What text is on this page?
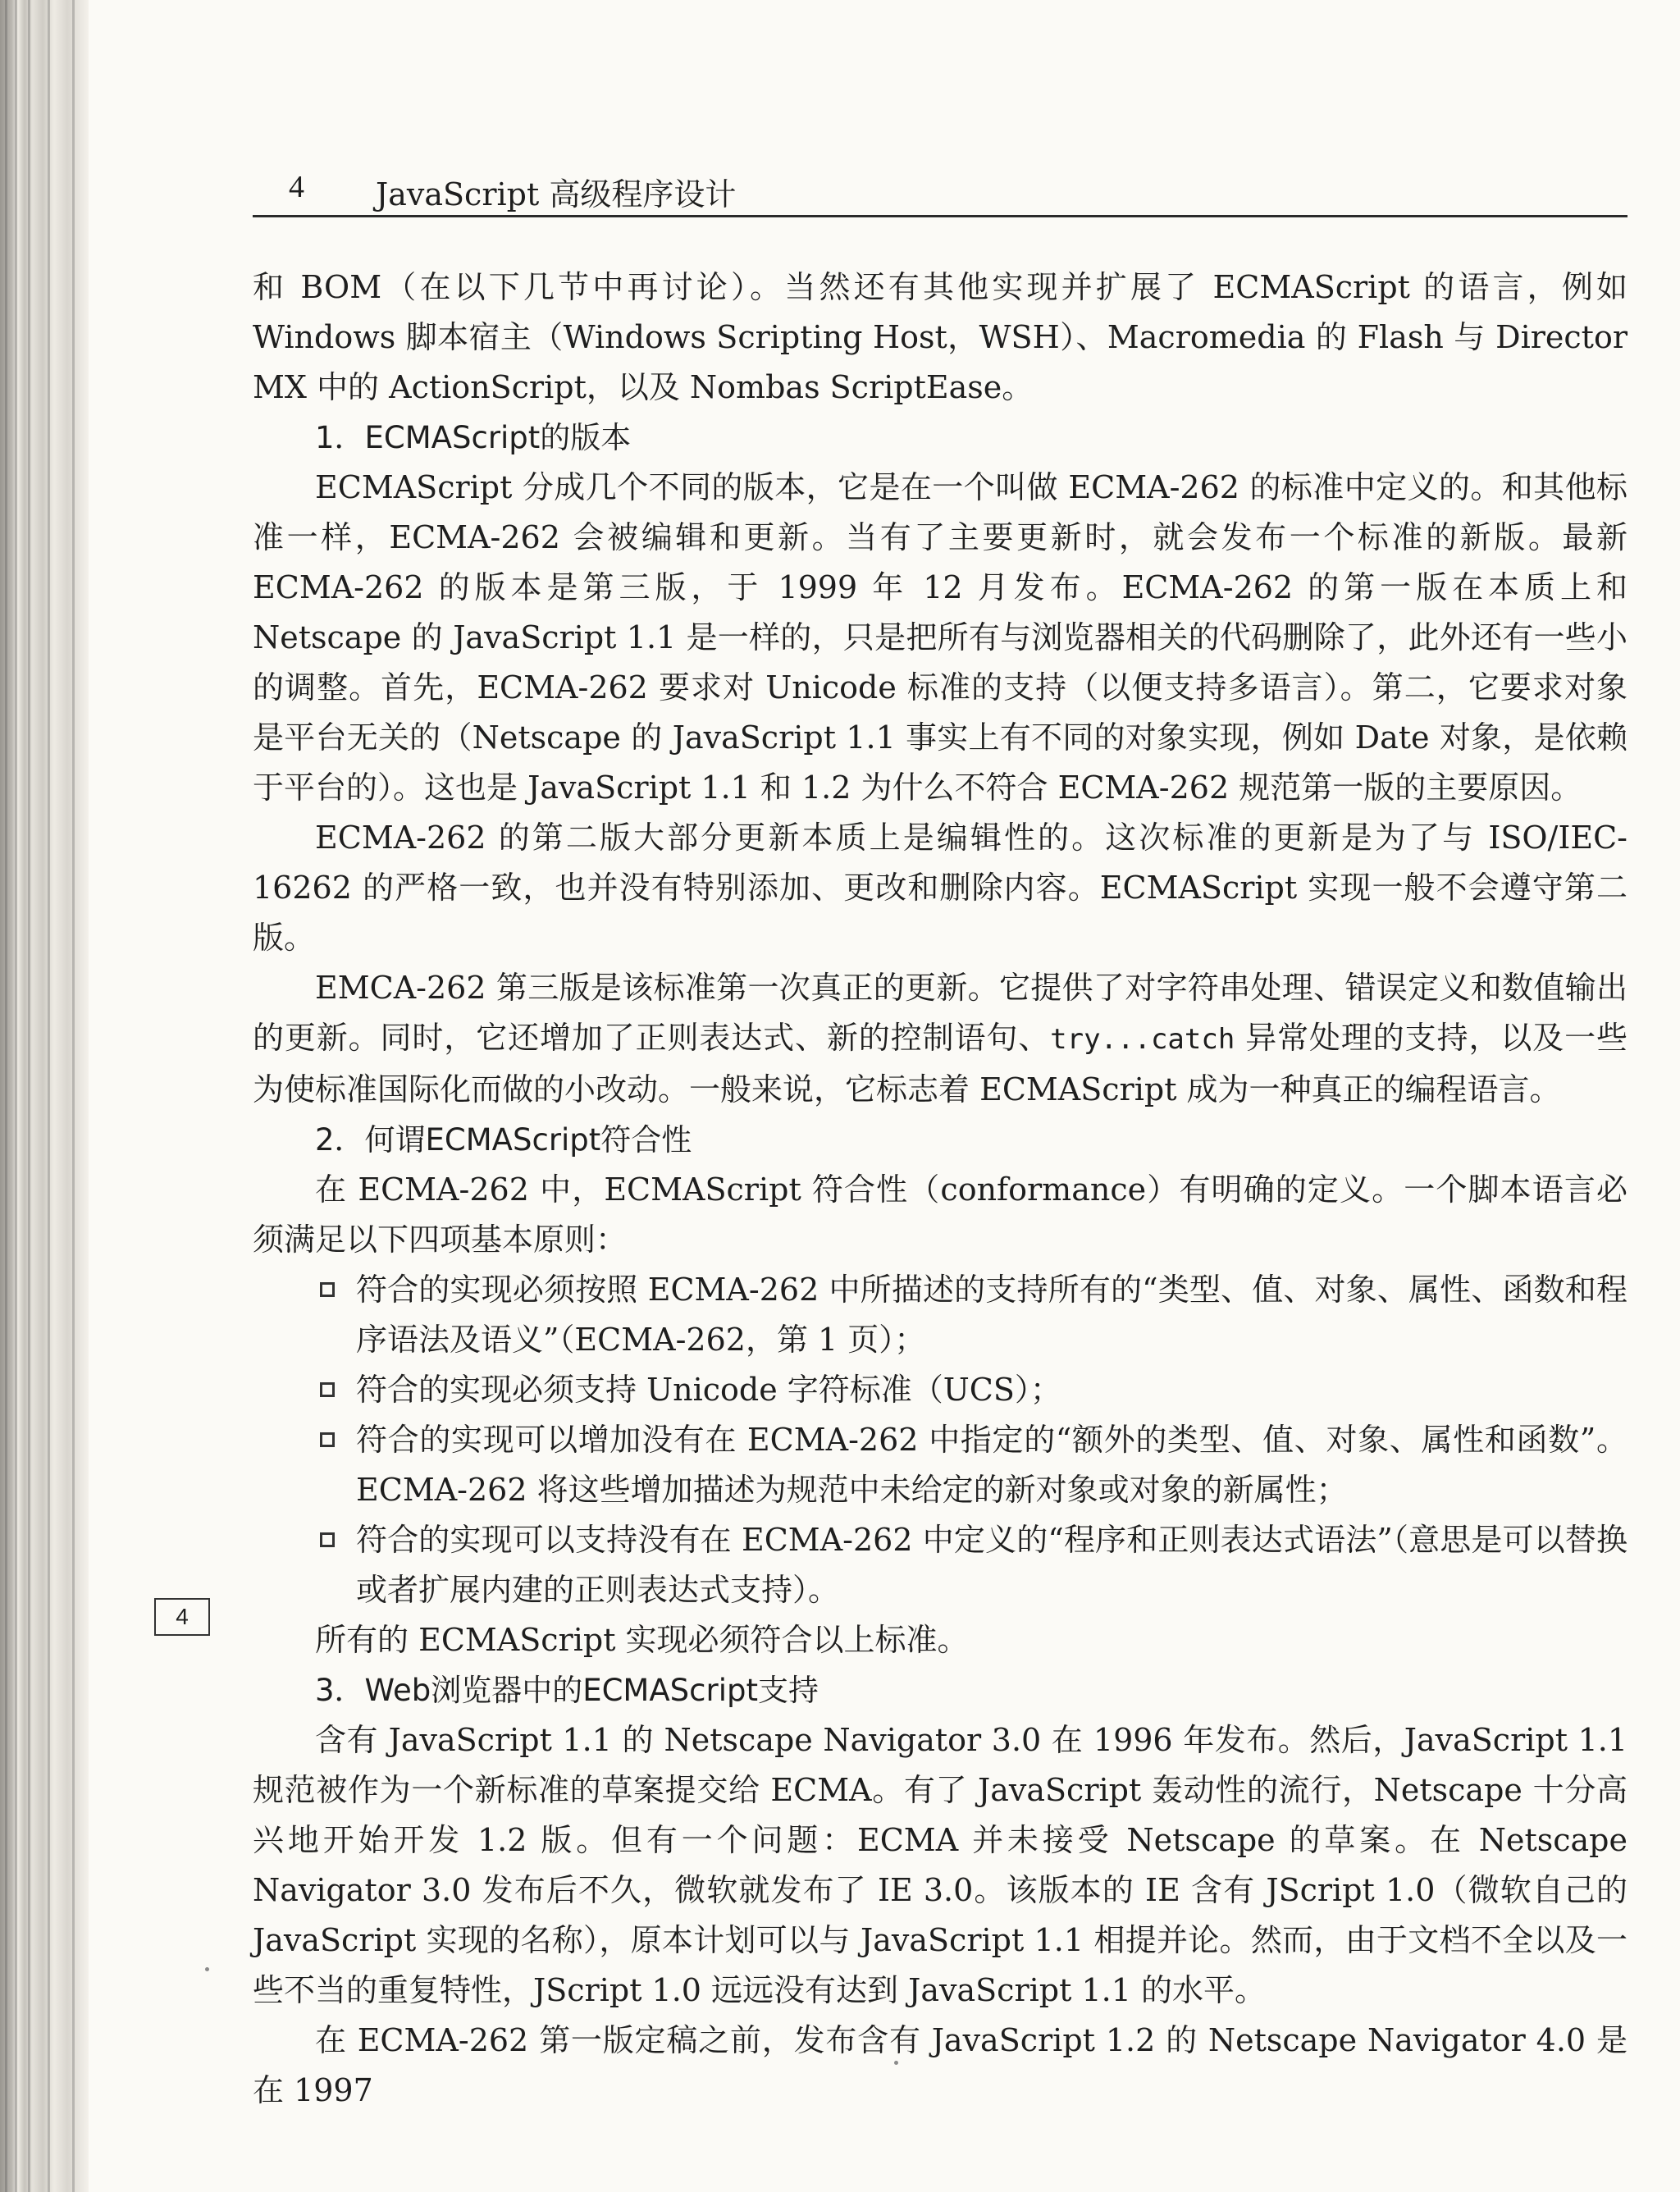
4 JavaScript 高级程序设计

和 BOM（在以下几节中再讨论）。当然还有其他实现并扩展了 ECMAScript 的语言，例如 Windows 脚本宿主（Windows Scripting Host，WSH）、Macromedia 的 Flash 与 Director MX 中的 ActionScript，以及 Nombas ScriptEase。

1．ECMAScript的版本

ECMAScript 分成几个不同的版本，它是在一个叫做 ECMA-262 的标准中定义的。和其他标准一样，ECMA-262 会被编辑和更新。当有了主要更新时，就会发布一个标准的新版。最新 ECMA-262 的版本是第三版，于 1999 年 12 月发布。ECMA-262 的第一版在本质上和 Netscape 的 JavaScript 1.1 是一样的，只是把所有与浏览器相关的代码删除了，此外还有一些小的调整。首先，ECMA-262 要求对 Unicode 标准的支持（以便支持多语言）。第二，它要求对象是平台无关的（Netscape 的 JavaScript 1.1 事实上有不同的对象实现，例如 Date 对象，是依赖于平台的）。这也是 JavaScript 1.1 和 1.2 为什么不符合 ECMA-262 规范第一版的主要原因。

ECMA-262 的第二版大部分更新本质上是编辑性的。这次标准的更新是为了与 ISO/IEC-16262 的严格一致，也并没有特别添加、更改和删除内容。ECMAScript 实现一般不会遵守第二版。

EMCA-262 第三版是该标准第一次真正的更新。它提供了对字符串处理、错误定义和数值输出的更新。同时，它还增加了正则表达式、新的控制语句、try...catch 异常处理的支持，以及一些为使标准国际化而做的小改动。一般来说，它标志着 ECMAScript 成为一种真正的编程语言。

2．何谓ECMAScript符合性

在 ECMA-262 中，ECMAScript 符合性（conformance）有明确的定义。一个脚本语言必须满足以下四项基本原则：

符合的实现必须按照 ECMA-262 中所描述的支持所有的“类型、值、对象、属性、函数和程序语法及语义”（ECMA-262，第 1 页）；
符合的实现必须支持 Unicode 字符标准（UCS）；
符合的实现可以增加没有在 ECMA-262 中指定的“额外的类型、值、对象、属性和函数”。ECMA-262 将这些增加描述为规范中未给定的新对象或对象的新属性；
符合的实现可以支持没有在 ECMA-262 中定义的“程序和正则表达式语法”（意思是可以替换或者扩展内建的正则表达式支持）。

所有的 ECMAScript 实现必须符合以上标准。

3．Web浏览器中的ECMAScript支持

含有 JavaScript 1.1 的 Netscape Navigator 3.0 在 1996 年发布。然后，JavaScript 1.1 规范被作为一个新标准的草案提交给 ECMA。有了 JavaScript 轰动性的流行，Netscape 十分高兴地开始开发 1.2 版。但有一个问题：ECMA 并未接受 Netscape 的草案。在 Netscape Navigator 3.0 发布后不久，微软就发布了 IE 3.0。该版本的 IE 含有 JScript 1.0（微软自己的 JavaScript 实现的名称），原本计划可以与 JavaScript 1.1 相提并论。然而，由于文档不全以及一些不当的重复特性，JScript 1.0 远远没有达到 JavaScript 1.1 的水平。

在 ECMA-262 第一版定稿之前，发布含有 JavaScript 1.2 的 Netscape Navigator 4.0 是在 1997

4
